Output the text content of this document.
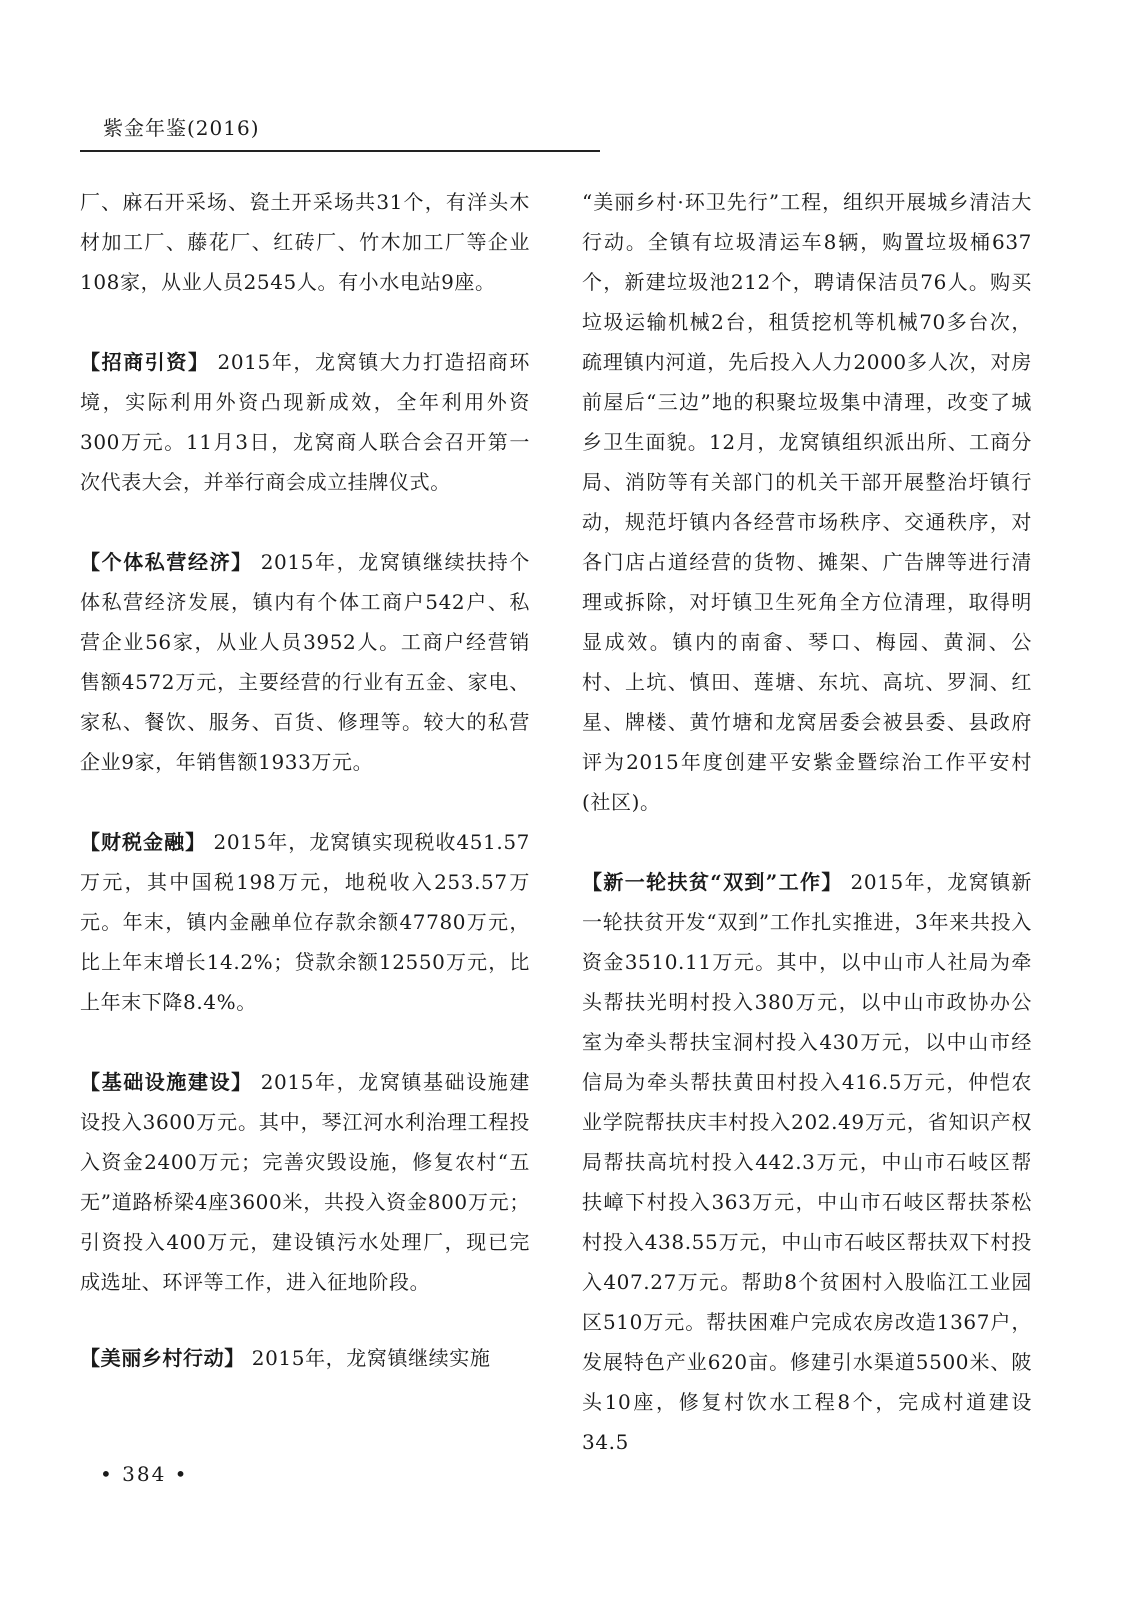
紫金年鉴(2016)

厂、麻石开采场、瓷土开采场共31个，有洋头木材加工厂、藤花厂、红砖厂、竹木加工厂等企业108家，从业人员2545人。有小水电站9座。

【招商引资】 2015年，龙窝镇大力打造招商环境，实际利用外资凸现新成效，全年利用外资300万元。11月3日，龙窝商人联合会召开第一次代表大会，并举行商会成立挂牌仪式。

【个体私营经济】 2015年，龙窝镇继续扶持个体私营经济发展，镇内有个体工商户542户、私营企业56家，从业人员3952人。工商户经营销售额4572万元，主要经营的行业有五金、家电、家私、餐饮、服务、百货、修理等。较大的私营企业9家，年销售额1933万元。

【财税金融】 2015年，龙窝镇实现税收451.57万元，其中国税198万元，地税收入253.57万元。年末，镇内金融单位存款余额47780万元，比上年末增长14.2%；贷款余额12550万元，比上年末下降8.4%。

【基础设施建设】 2015年，龙窝镇基础设施建设投入3600万元。其中，琴江河水利治理工程投入资金2400万元；完善灾毁设施，修复农村“五无”道路桥梁4座3600米，共投入资金800万元；引资投入400万元，建设镇污水处理厂，现已完成选址、环评等工作，进入征地阶段。

【美丽乡村行动】 2015年，龙窝镇继续实施

“美丽乡村·环卫先行”工程，组织开展城乡清洁大行动。全镇有垃圾清运车8辆，购置垃圾桶637个，新建垃圾池212个，聘请保洁员76人。购买垃圾运输机械2台，租赁挖机等机械70多台次，疏理镇内河道，先后投入人力2000多人次，对房前屋后“三边”地的积聚垃圾集中清理，改变了城乡卫生面貌。12月，龙窝镇组织派出所、工商分局、消防等有关部门的机关干部开展整治圩镇行动，规范圩镇内各经营市场秩序、交通秩序，对各门店占道经营的货物、摊架、广告牌等进行清理或拆除，对圩镇卫生死角全方位清理，取得明显成效。镇内的南畲、琴口、梅园、黄洞、公村、上坑、慎田、莲塘、东坑、高坑、罗洞、红星、牌楼、黄竹塘和龙窝居委会被县委、县政府评为2015年度创建平安紫金暨综治工作平安村(社区)。

【新一轮扶贫“双到”工作】 2015年，龙窝镇新一轮扶贫开发“双到”工作扎实推进，3年来共投入资金3510.11万元。其中，以中山市人社局为牵头帮扶光明村投入380万元，以中山市政协办公室为牵头帮扶宝洞村投入430万元，以中山市经信局为牵头帮扶黄田村投入416.5万元，仲恺农业学院帮扶庆丰村投入202.49万元，省知识产权局帮扶高坑村投入442.3万元，中山市石岐区帮扶嶂下村投入363万元，中山市石岐区帮扶茶松村投入438.55万元，中山市石岐区帮扶双下村投入407.27万元。帮助8个贫困村入股临江工业园区510万元。帮扶困难户完成农房改造1367户，发展特色产业620亩。修建引水渠道5500米、陂头10座，修复村饮水工程8个，完成村道建设34.5

• 384 •
